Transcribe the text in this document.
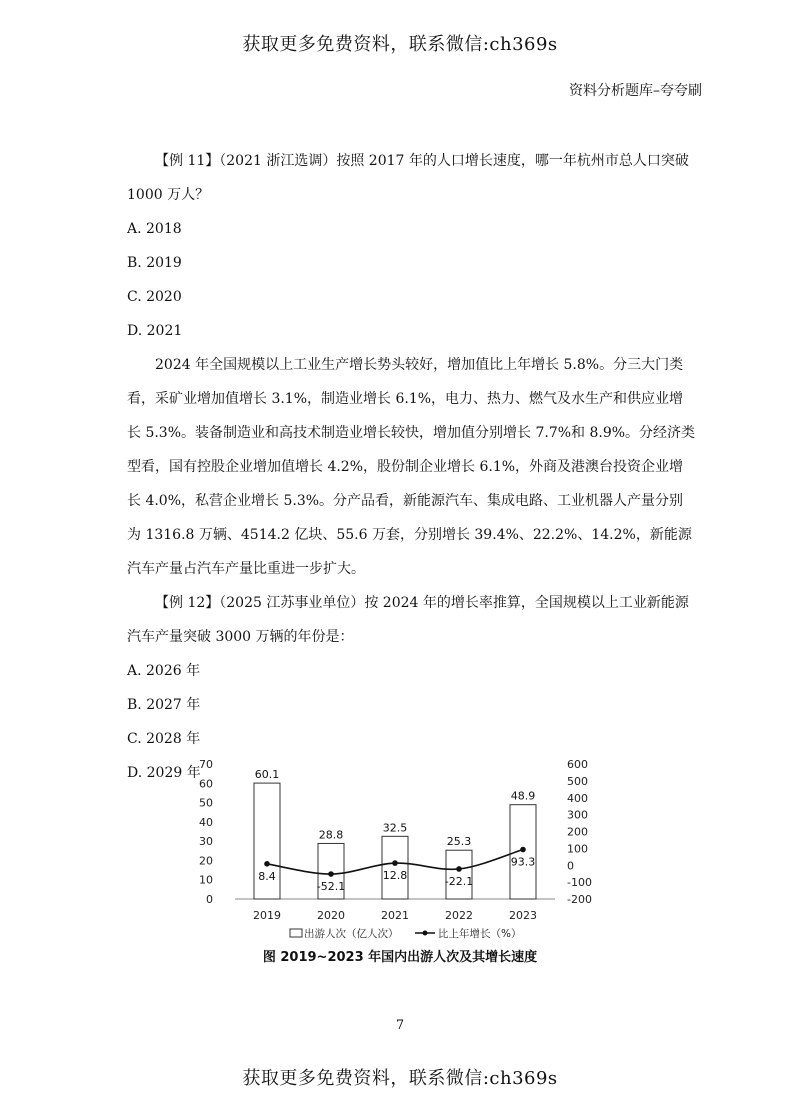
获取更多免费资料，联系微信:ch369s
资料分析题库–夸夸刷

【例 11】（2021 浙江选调）按照 2017 年的人口增长速度，哪一年杭州市总人口突破 1000 万人？

A. 2018

B. 2019

C. 2020

D. 2021

2024 年全国规模以上工业生产增长势头较好，增加值比上年增长 5.8%。分三大门类看，采矿业增加值增长 3.1%，制造业增长 6.1%，电力、热力、燃气及水生产和供应业增长 5.3%。装备制造业和高技术制造业增长较快，增加值分别增长 7.7%和 8.9%。分经济类型看，国有控股企业增加值增长 4.2%，股份制企业增长 6.1%，外商及港澳台投资企业增长 4.0%，私营企业增长 5.3%。分产品看，新能源汽车、集成电路、工业机器人产量分别为 1316.8 万辆、4514.2 亿块、55.6 万套，分别增长 39.4%、22.2%、14.2%，新能源汽车产量占汽车产量比重进一步扩大。

【例 12】（2025 江苏事业单位）按 2024 年的增长率推算，全国规模以上工业新能源汽车产量突破 3000 万辆的年份是：

A. 2026 年

B. 2027 年

C. 2028 年

D. 2029 年

0
10
20
30
40
50
60
70
-200
-100
0
100
200
300
400
500
600
60.1
28.8
32.5
25.3
48.9
8.4
-52.1
12.8	-22.1
93.3
2019	2020	2021	2022	2023
出游人次（亿人次）	比上年增长（%）
图 2019~2023 年国内出游人次及其增长速度
7
获取更多免费资料，联系微信:ch369s
